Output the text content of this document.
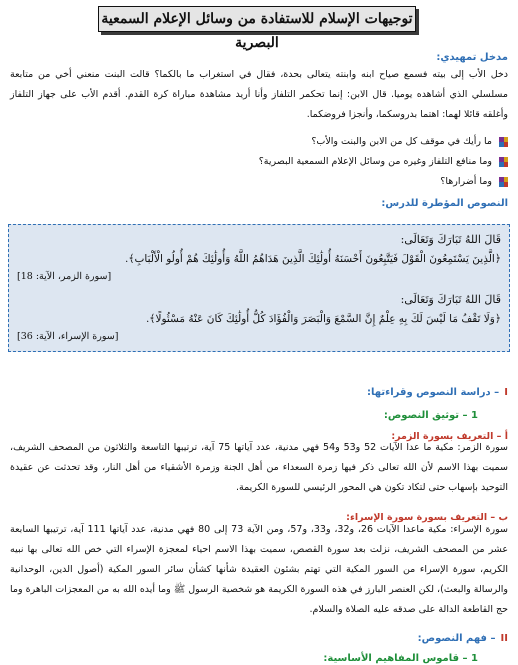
توجيهات الإسلام للاستفادة من وسائل الإعلام السمعية البصرية
مدخل تمهيدي:
دخل الأب إلى بيته فسمع صياح ابنه وابنته يتعالى بحدة، فقال في استغراب ما بالكما؟ قالت البنت منعني أخي من متابعة مسلسلي الذي أشاهده يوميا. قال الابن: إنما تحكمر التلفاز وأنا أريد مشاهدة مباراة كرة القدم. أقدم الأب على جهاز التلفاز وأغلقه قائلا لهما: اهتما بدروسكما، وأنجزا فروضكما.
ما رأيك في موقف كل من الابن والبنت والأب؟
وما منافع التلفاز وغيره من وسائل الإعلام السمعية البصرية؟
وما أضرارها؟
النصوص المؤطرة للدرس:
قَالَ اللهُ تَبَارَكَ وَتَعَالَى:
﴿الَّذِينَ يَسْتَمِعُونَ الْقَوْلَ فَيَتَّبِعُونَ أَحْسَنَهُ أُولَٰئِكَ الَّذِينَ هَدَاهُمُ اللَّهُ وَأُولَٰئِكَ هُمْ أُولُو الْأَلْبَابِ﴾.
[سورة الزمر، الآية: 18]
قَالَ اللهُ تَبَارَكَ وَتَعَالَى:
﴿وَلَا تَقْفُ مَا لَيْسَ لَكَ بِهِ عِلْمٌ إِنَّ السَّمْعَ وَالْبَصَرَ وَالْفُؤَادَ كُلُّ أُولَٰئِكَ كَانَ عَنْهُ مَسْئُولًا﴾.
[سورة الإسراء، الآية: 36]
I – دراسة النصوص وقراءتها:
1 – توثيق النصوص:
أ – التعريف بسورة الزمر:
سورة الزمر: مكية ما عدا الآيات 52 و53 و54 فهي مدنية، عدد آياتها 75 آية، ترتيبها التاسعة والثلاثون من المصحف الشريف، سميت بهذا الاسم لأن الله تعالى ذكر فيها زمرة السعداء من أهل الجنة وزمرة الأشقياء من أهل النار، وقد تحدثت عن عقيدة التوحيد بإسهاب حتى لتكاد تكون هي المحور الرئيسي للسورة الكريمة.
ب – التعريف بسورة سورة الإسراء:
سورة الإسراء: مكية ماعدا الآيات 26، و32، و33، و57، ومن الآية 73 إلى 80 فهي مدنية، عدد آياتها 111 آية، ترتيبها السابعة عشر من المصحف الشريف، نزلت بعد سورة القصص، سميت بهذا الاسم احياء لمعجزة الإسراء التي خص الله تعالى بها نبيه الكريم، سورة الإسراء من السور المكية التي تهتم بشئون العقيدة شأنها كشأن سائر السور المكية (أصول الدين، الوحدانية والرسالة والبعث)، لكن العنصر البارز في هذه السورة الكريمة هو شخصية الرسول ﷺ وما أيده الله به من المعجزات الباهرة وما حج القاطعة الدالة على صدقه عليه الصلاة والسلام.
II – فهم النصوص:
1 – قاموس المفاهيم الأساسية:
